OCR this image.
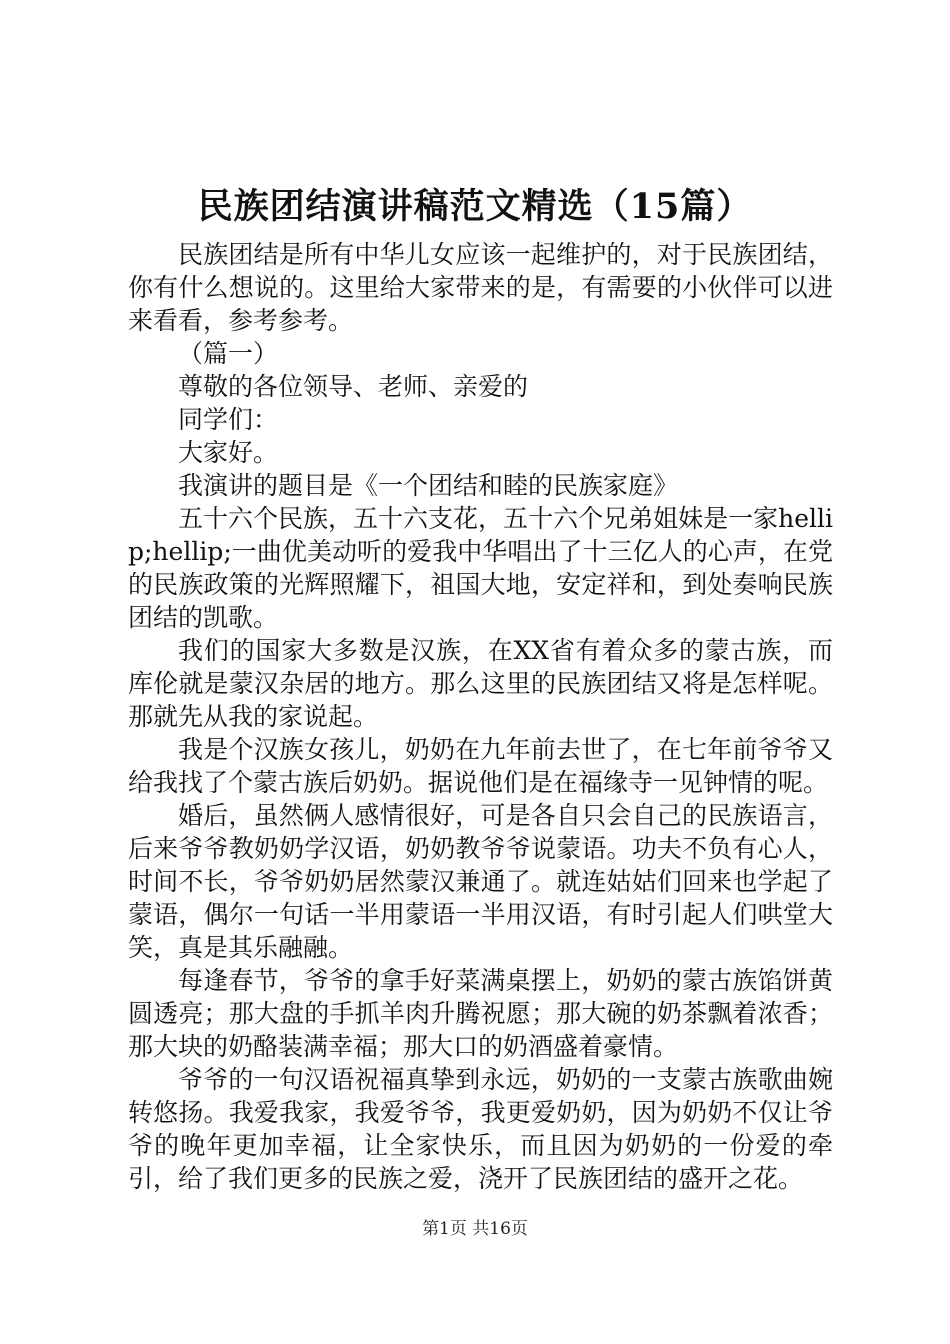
民族团结演讲稿范文精选（15篇）

民族团结是所有中华儿女应该一起维护的，对于民族团结，你有什么想说的。这里给大家带来的是，有需要的小伙伴可以进来看看，参考参考。

（篇一）

尊敬的各位领导、老师、亲爱的

同学们：

大家好。

我演讲的题目是《一个团结和睦的民族家庭》

五十六个民族，五十六支花，五十六个兄弟姐妹是一家hellip;hellip;一曲优美动听的爱我中华唱出了十三亿人的心声，在党的民族政策的光辉照耀下，祖国大地，安定祥和，到处奏响民族团结的凯歌。

我们的国家大多数是汉族，在XX省有着众多的蒙古族，而库伦就是蒙汉杂居的地方。那么这里的民族团结又将是怎样呢。那就先从我的家说起。

我是个汉族女孩儿，奶奶在九年前去世了，在七年前爷爷又给我找了个蒙古族后奶奶。据说他们是在福缘寺一见钟情的呢。

婚后，虽然俩人感情很好，可是各自只会自己的民族语言，后来爷爷教奶奶学汉语，奶奶教爷爷说蒙语。功夫不负有心人，时间不长，爷爷奶奶居然蒙汉兼通了。就连姑姑们回来也学起了蒙语，偶尔一句话一半用蒙语一半用汉语，有时引起人们哄堂大笑，真是其乐融融。

每逢春节，爷爷的拿手好菜满桌摆上，奶奶的蒙古族馅饼黄圆透亮；那大盘的手抓羊肉升腾祝愿；那大碗的奶茶飘着浓香；那大块的奶酪装满幸福；那大口的奶酒盛着豪情。

爷爷的一句汉语祝福真挚到永远，奶奶的一支蒙古族歌曲婉转悠扬。我爱我家，我爱爷爷，我更爱奶奶，因为奶奶不仅让爷爷的晚年更加幸福，让全家快乐，而且因为奶奶的一份爱的牵引，给了我们更多的民族之爱，浇开了民族团结的盛开之花。

第1页 共16页
